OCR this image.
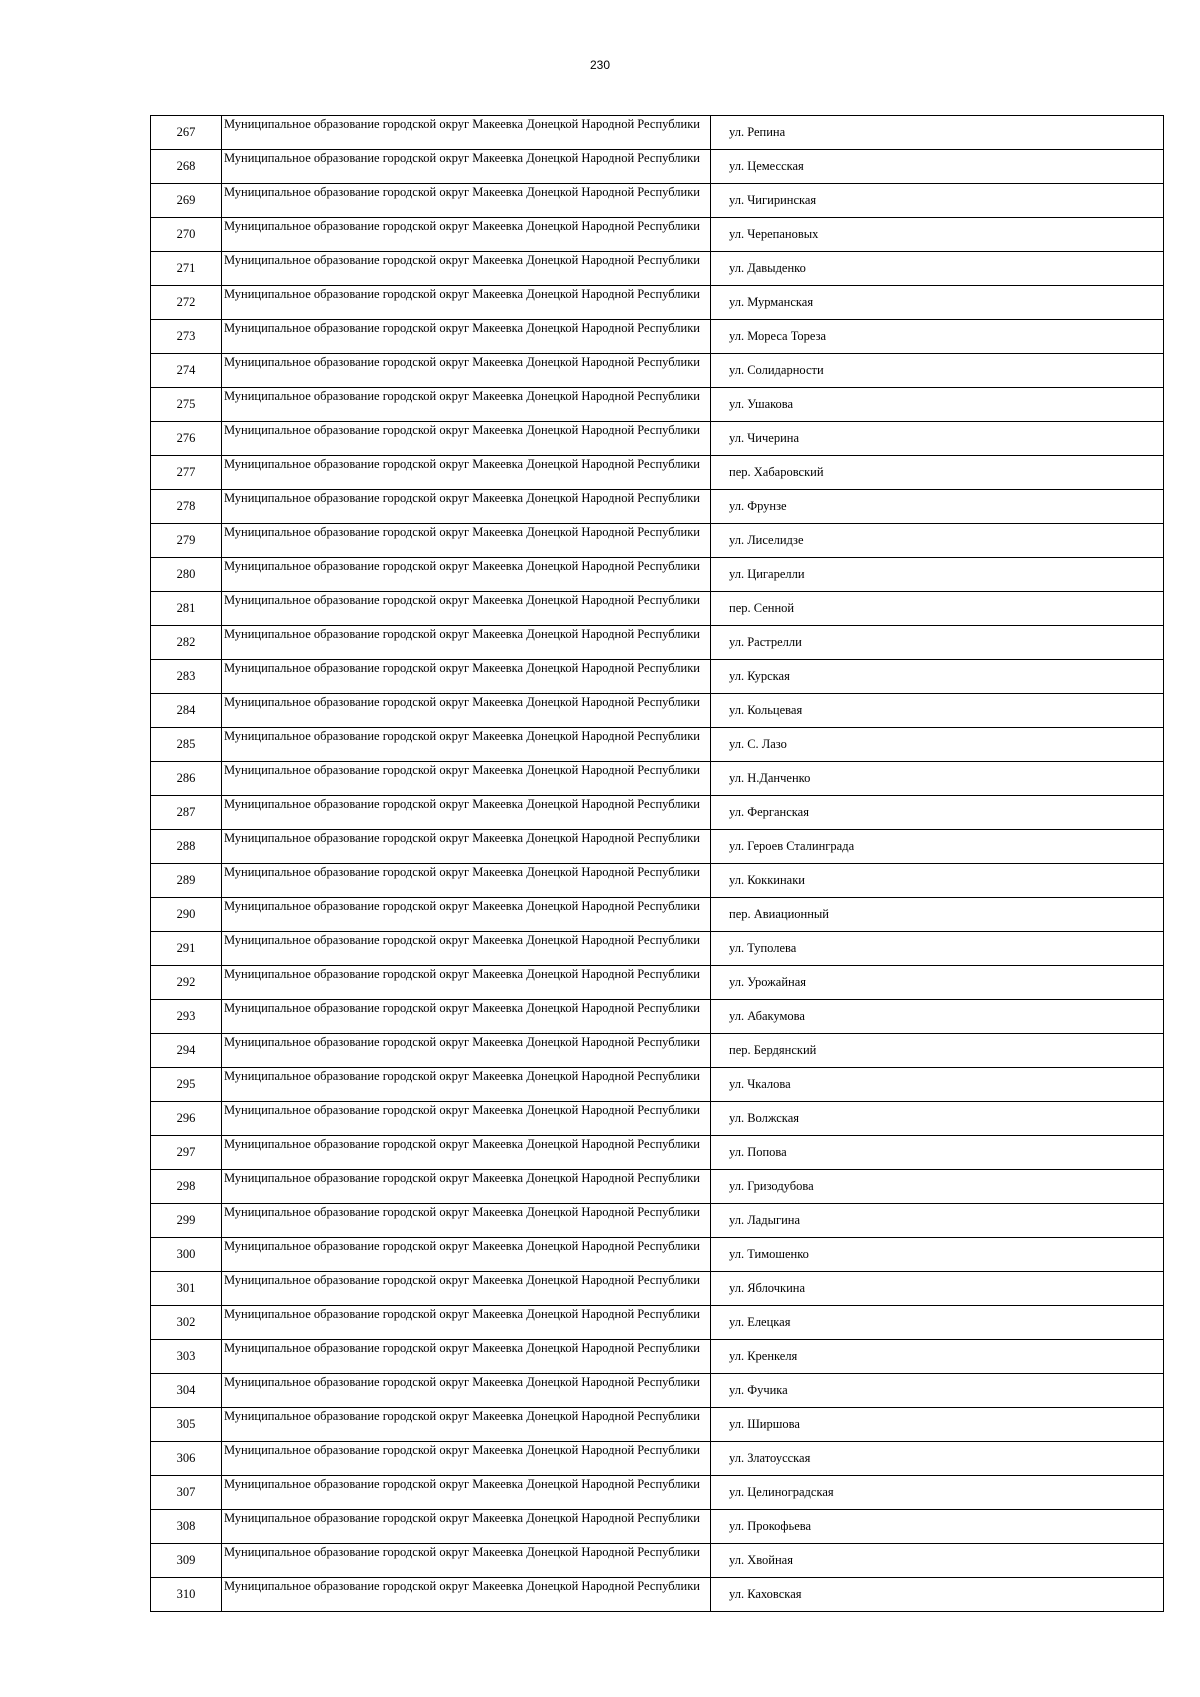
230
267	Муниципальное образование городской округ Макеевка Донецкой Народной Республики	ул. Репина
268	Муниципальное образование городской округ Макеевка Донецкой Народной Республики	ул. Цемесская
269	Муниципальное образование городской округ Макеевка Донецкой Народной Республики	ул. Чигиринская
270	Муниципальное образование городской округ Макеевка Донецкой Народной Республики	ул. Черепановых
271	Муниципальное образование городской округ Макеевка Донецкой Народной Республики	ул. Давыденко
272	Муниципальное образование городской округ Макеевка Донецкой Народной Республики	ул. Мурманская
273	Муниципальное образование городской округ Макеевка Донецкой Народной Республики	ул. Мореса Тореза
274	Муниципальное образование городской округ Макеевка Донецкой Народной Республики	ул. Солидарности
275	Муниципальное образование городской округ Макеевка Донецкой Народной Республики	ул. Ушакова
276	Муниципальное образование городской округ Макеевка Донецкой Народной Республики	ул. Чичерина
277	Муниципальное образование городской округ Макеевка Донецкой Народной Республики	пер. Хабаровский
278	Муниципальное образование городской округ Макеевка Донецкой Народной Республики	ул. Фрунзе
279	Муниципальное образование городской округ Макеевка Донецкой Народной Республики	ул. Лиселидзе
280	Муниципальное образование городской округ Макеевка Донецкой Народной Республики	ул. Цигарелли
281	Муниципальное образование городской округ Макеевка Донецкой Народной Республики	пер. Сенной
282	Муниципальное образование городской округ Макеевка Донецкой Народной Республики	ул. Растрелли
283	Муниципальное образование городской округ Макеевка Донецкой Народной Республики	ул. Курская
284	Муниципальное образование городской округ Макеевка Донецкой Народной Республики	ул. Кольцевая
285	Муниципальное образование городской округ Макеевка Донецкой Народной Республики	ул. С. Лазо
286	Муниципальное образование городской округ Макеевка Донецкой Народной Республики	ул. Н.Данченко
287	Муниципальное образование городской округ Макеевка Донецкой Народной Республики	ул. Ферганская
288	Муниципальное образование городской округ Макеевка Донецкой Народной Республики	ул. Героев Сталинграда
289	Муниципальное образование городской округ Макеевка Донецкой Народной Республики	ул. Коккинаки
290	Муниципальное образование городской округ Макеевка Донецкой Народной Республики	пер. Авиационный
291	Муниципальное образование городской округ Макеевка Донецкой Народной Республики	ул. Туполева
292	Муниципальное образование городской округ Макеевка Донецкой Народной Республики	ул. Урожайная
293	Муниципальное образование городской округ Макеевка Донецкой Народной Республики	ул. Абакумова
294	Муниципальное образование городской округ Макеевка Донецкой Народной Республики	пер. Бердянский
295	Муниципальное образование городской округ Макеевка Донецкой Народной Республики	ул. Чкалова
296	Муниципальное образование городской округ Макеевка Донецкой Народной Республики	ул. Волжская
297	Муниципальное образование городской округ Макеевка Донецкой Народной Республики	ул. Попова
298	Муниципальное образование городской округ Макеевка Донецкой Народной Республики	ул. Гризодубова
299	Муниципальное образование городской округ Макеевка Донецкой Народной Республики	ул. Ладыгина
300	Муниципальное образование городской округ Макеевка Донецкой Народной Республики	ул. Тимошенко
301	Муниципальное образование городской округ Макеевка Донецкой Народной Республики	ул. Яблочкина
302	Муниципальное образование городской округ Макеевка Донецкой Народной Республики	ул. Елецкая
303	Муниципальное образование городской округ Макеевка Донецкой Народной Республики	ул. Кренкеля
304	Муниципальное образование городской округ Макеевка Донецкой Народной Республики	ул. Фучика
305	Муниципальное образование городской округ Макеевка Донецкой Народной Республики	ул. Ширшова
306	Муниципальное образование городской округ Макеевка Донецкой Народной Республики	ул. Златоусская
307	Муниципальное образование городской округ Макеевка Донецкой Народной Республики	ул. Целиноградская
308	Муниципальное образование городской округ Макеевка Донецкой Народной Республики	ул. Прокофьева
309	Муниципальное образование городской округ Макеевка Донецкой Народной Республики	ул. Хвойная
310	Муниципальное образование городской округ Макеевка Донецкой Народной Республики	ул. Каховская
